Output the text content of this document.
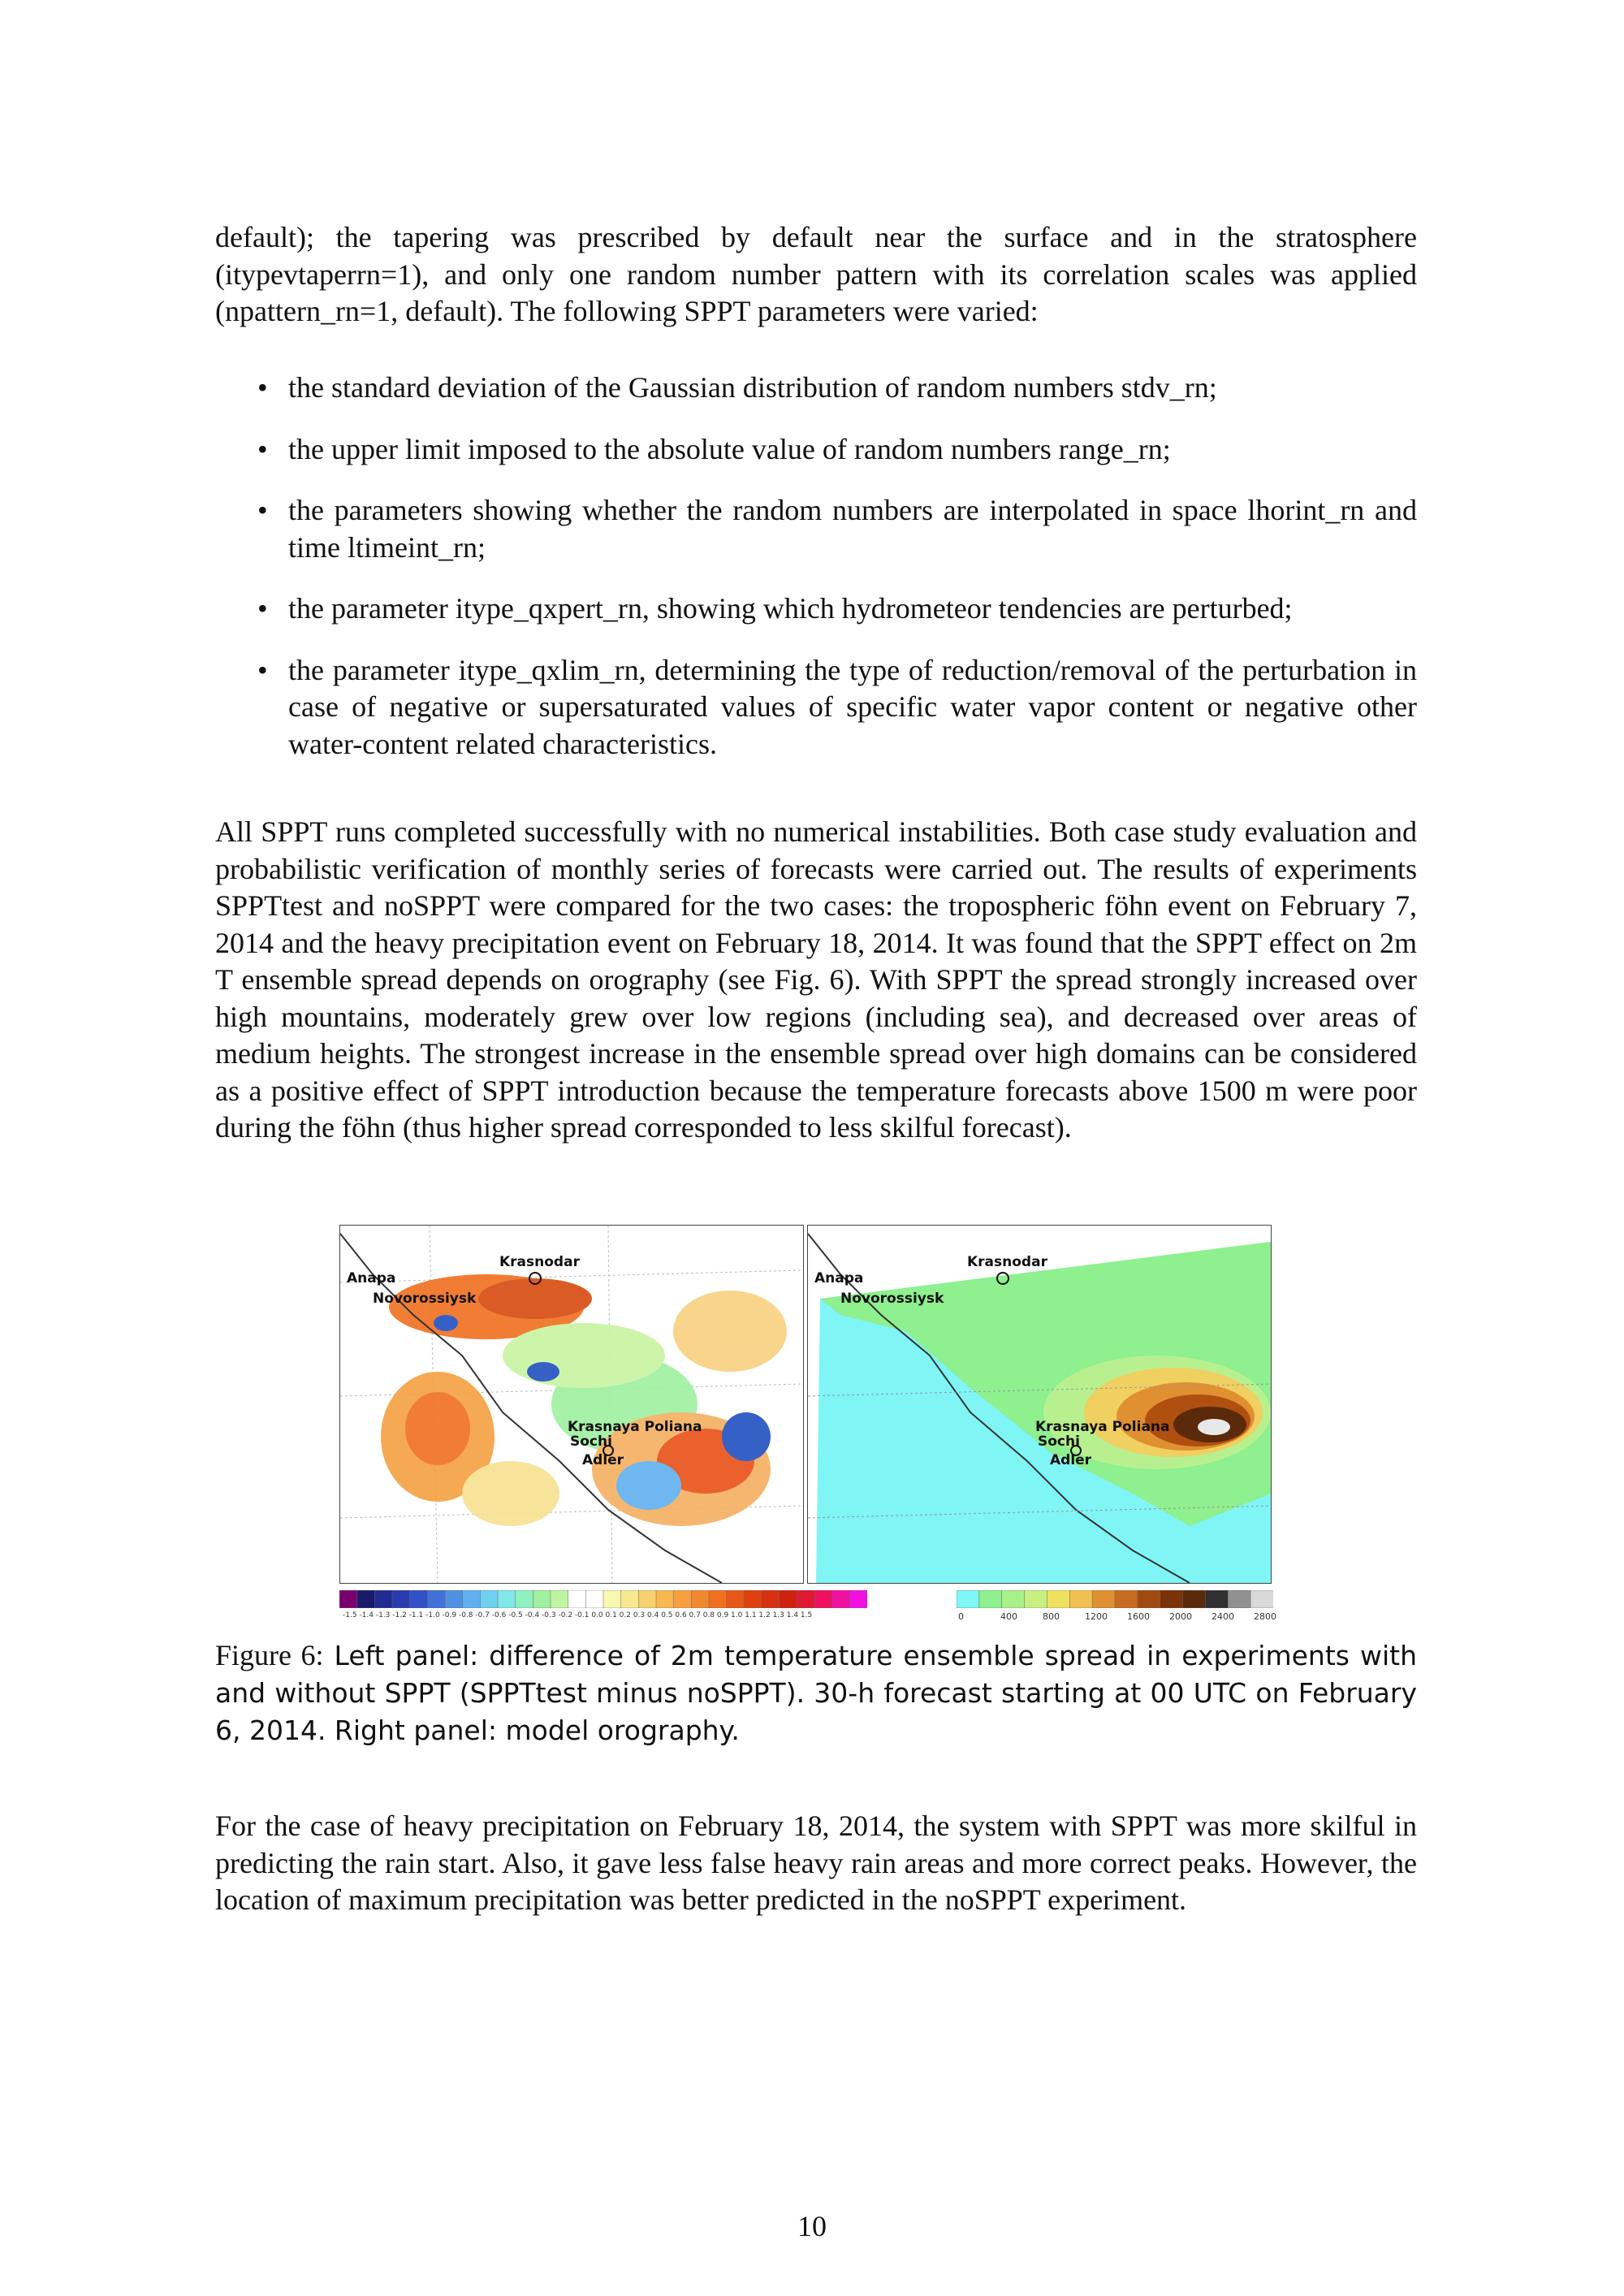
default); the tapering was prescribed by default near the surface and in the stratosphere (itypevtaperrn=1), and only one random number pattern with its correlation scales was applied (npattern_rn=1, default). The following SPPT parameters were varied:

• the standard deviation of the Gaussian distribution of random numbers stdv_rn;
• the upper limit imposed to the absolute value of random numbers range_rn;
• the parameters showing whether the random numbers are interpolated in space lhorint_rn and time ltimeint_rn;
• the parameter itype_qxpert_rn, showing which hydrometeor tendencies are perturbed;
• the parameter itype_qxlim_rn, determining the type of reduction/removal of the perturbation in case of negative or supersaturated values of specific water vapor content or negative other water-content related characteristics.

All SPPT runs completed successfully with no numerical instabilities. Both case study evaluation and probabilistic verification of monthly series of forecasts were carried out. The results of experiments SPPTtest and noSPPT were compared for the two cases: the tropospheric föhn event on February 7, 2014 and the heavy precipitation event on February 18, 2014. It was found that the SPPT effect on 2m T ensemble spread depends on orography (see Fig. 6). With SPPT the spread strongly increased over high mountains, moderately grew over low regions (including sea), and decreased over areas of medium heights. The strongest increase in the ensemble spread over high domains can be considered as a positive effect of SPPT introduction because the temperature forecasts above 1500 m were poor during the föhn (thus higher spread corresponded to less skilful forecast).

Krasnodar
Anapa
Novorossiysk
Krasnaya Poliana
Sochi
Adler
Krasnodar
Anapa
Novorossiysk
Krasnaya Poliana
Sochi
Adler
-1.5 -1.4 -1.3 -1.2 -1.1 -1.0 -0.9 -0.8 -0.7 -0.6 -0.5 -0.4 -0.3 -0.2 -0.1 0.0 0.1 0.2 0.3 0.4 0.5 0.6 0.7 0.8 0.9 1.0 1.1 1.2 1.3 1.4 1.5	0	400	800	1200 1600 2000 2400 2800

Figure 6: Left panel: difference of 2m temperature ensemble spread in experiments with and without SPPT (SPPTtest minus noSPPT). 30-h forecast starting at 00 UTC on February 6, 2014. Right panel: model orography.

For the case of heavy precipitation on February 18, 2014, the system with SPPT was more skilful in predicting the rain start. Also, it gave less false heavy rain areas and more correct peaks. However, the location of maximum precipitation was better predicted in the noSPPT experiment.

10
